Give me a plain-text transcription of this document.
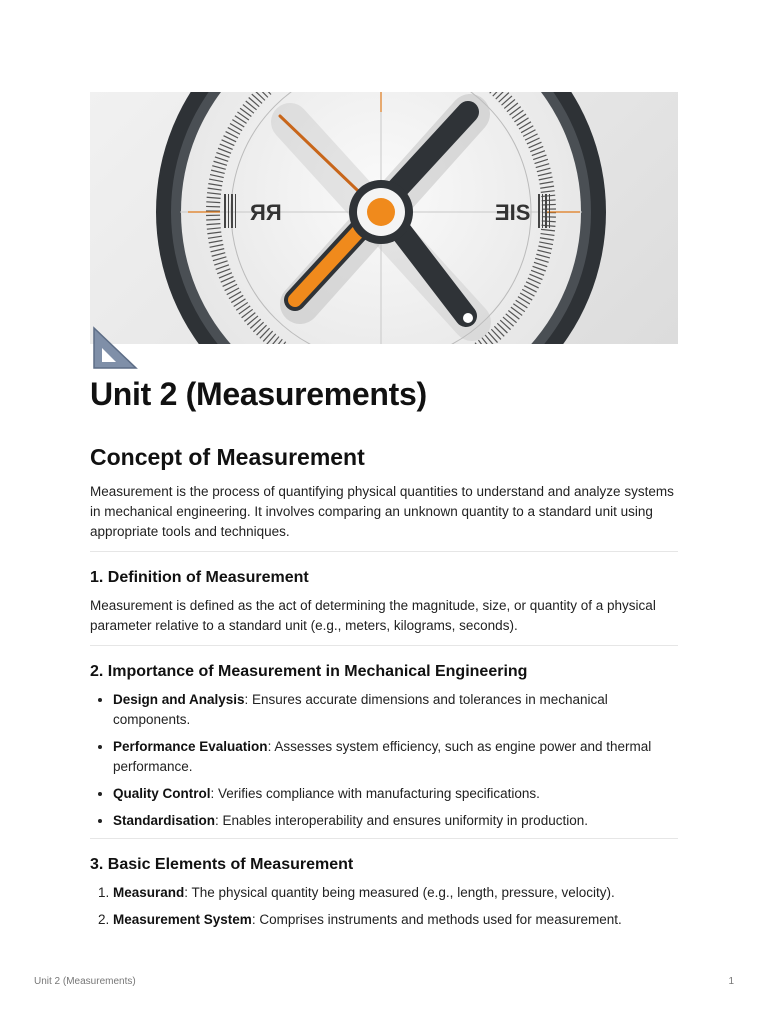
ЯЯ	ƎIS
Unit 2 (Measurements)
Concept of Measurement

Measurement is the process of quantifying physical quantities to understand and analyze systems in mechanical engineering. It involves comparing an unknown quantity to a standard unit using appropriate tools and techniques.

1. Definition of Measurement

Measurement is defined as the act of determining the magnitude, size, or quantity of a physical parameter relative to a standard unit (e.g., meters, kilograms, seconds).

2. Importance of Measurement in Mechanical Engineering
• Design and Analysis: Ensures accurate dimensions and tolerances in mechanical components.
• Performance Evaluation: Assesses system efficiency, such as engine power and thermal performance.
• Quality Control: Verifies compliance with manufacturing specifications.
• Standardisation: Enables interoperability and ensures uniformity in production.
3. Basic Elements of Measurement
1. Measurand: The physical quantity being measured (e.g., length, pressure, velocity).
2. Measurement System: Comprises instruments and methods used for measurement.
Unit 2 (Measurements)	1
